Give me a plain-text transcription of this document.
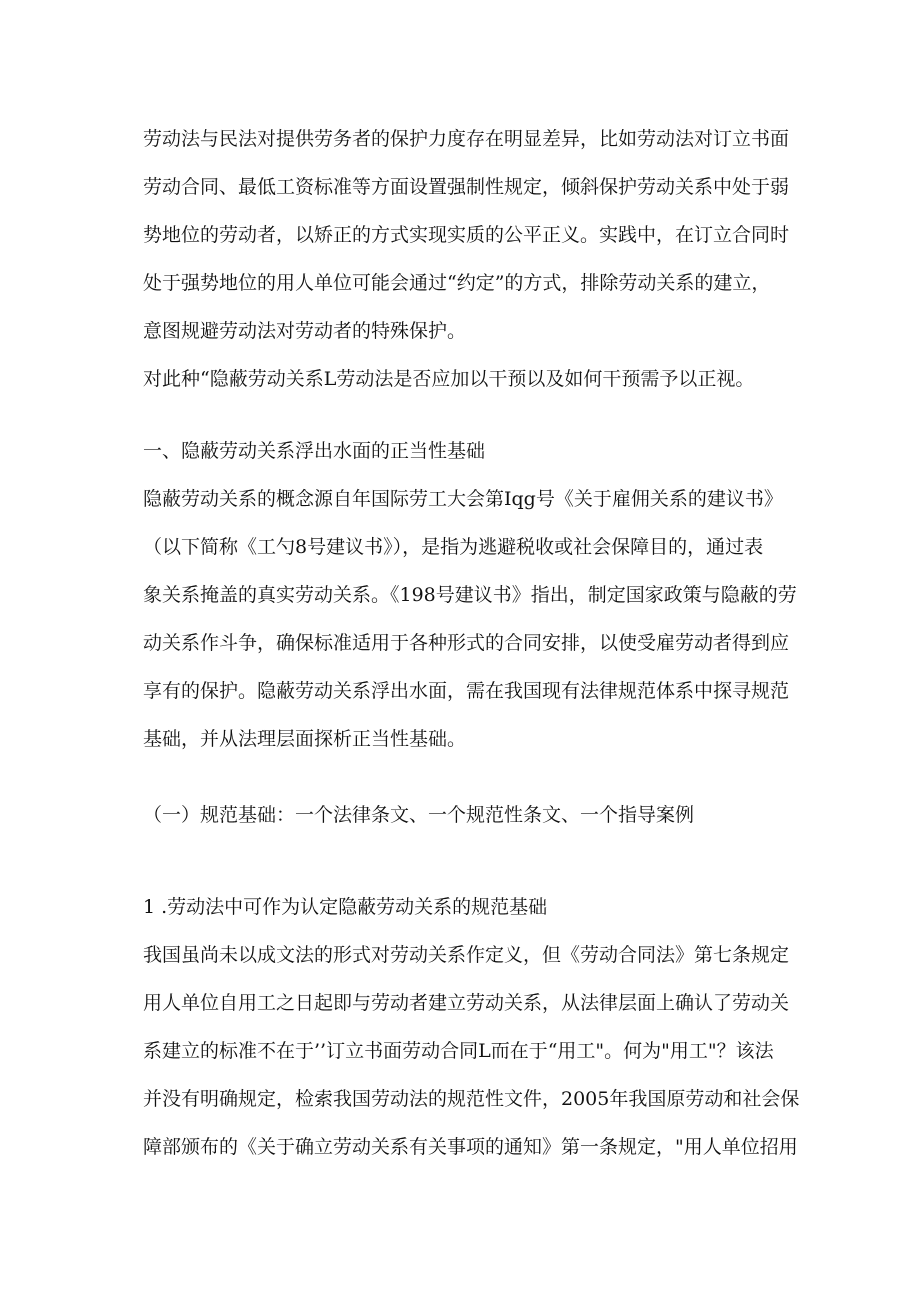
劳动法与民法对提供劳务者的保护力度存在明显差异，比如劳动法对订立书面
劳动合同、最低工资标准等方面设置强制性规定，倾斜保护劳动关系中处于弱
势地位的劳动者，以矫正的方式实现实质的公平正义。实践中，在订立合同时
处于强势地位的用人单位可能会通过“约定”的方式，排除劳动关系的建立，
意图规避劳动法对劳动者的特殊保护。
对此种“隐蔽劳动关系L劳动法是否应加以干预以及如何干预需予以正视。
一、隐蔽劳动关系浮出水面的正当性基础
隐蔽劳动关系的概念源自年国际劳工大会第Iqg号《关于雇佣关系的建议书》
（以下简称《工勺8号建议书》），是指为逃避税收或社会保障目的，通过表
象关系掩盖的真实劳动关系。《198号建议书》指出，制定国家政策与隐蔽的劳
动关系作斗争，确保标准适用于各种形式的合同安排，以使受雇劳动者得到应
享有的保护。隐蔽劳动关系浮出水面，需在我国现有法律规范体系中探寻规范
基础，并从法理层面探析正当性基础。
（一）规范基础：一个法律条文、一个规范性条文、一个指导案例
1 .劳动法中可作为认定隐蔽劳动关系的规范基础
我国虽尚未以成文法的形式对劳动关系作定义，但《劳动合同法》第七条规定
用人单位自用工之日起即与劳动者建立劳动关系，从法律层面上确认了劳动关
系建立的标准不在于’’订立书面劳动合同L而在于“用工"。何为"用工"？该法
并没有明确规定，检索我国劳动法的规范性文件，2005年我国原劳动和社会保
障部颁布的《关于确立劳动关系有关事项的通知》第一条规定，"用人单位招用
